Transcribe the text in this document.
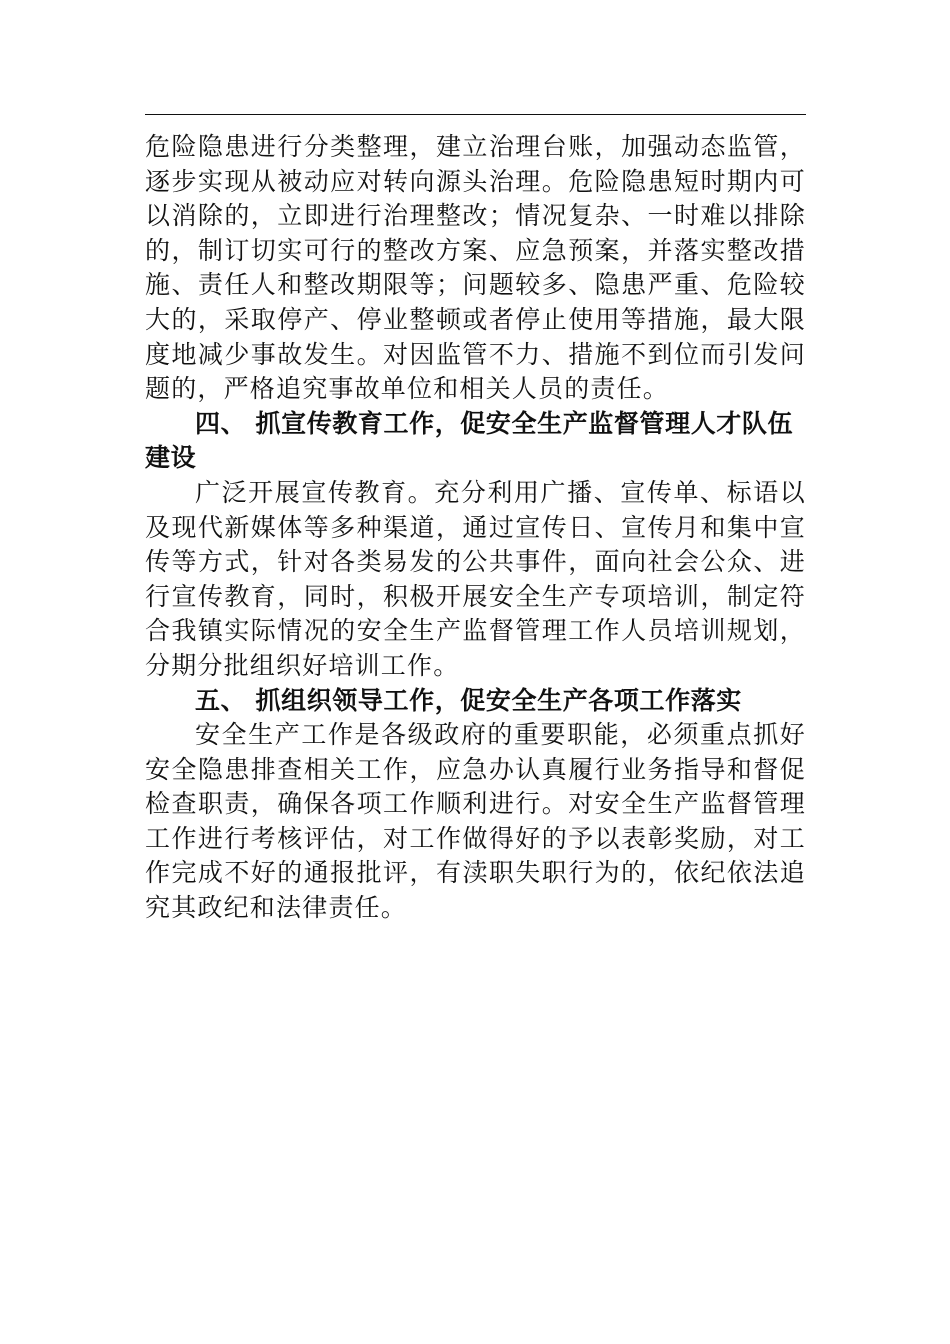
危险隐患进行分类整理，建立治理台账，加强动态监管，
逐步实现从被动应对转向源头治理。危险隐患短时期内可
以消除的，立即进行治理整改；情况复杂、一时难以排除
的，制订切实可行的整改方案、应急预案，并落实整改措
施、责任人和整改期限等；问题较多、隐患严重、危险较
大的，采取停产、停业整顿或者停止使用等措施，最大限
度地减少事故发生。对因监管不力、措施不到位而引发问
题的，严格追究事故单位和相关人员的责任。

四、 抓宣传教育工作，促安全生产监督管理人才队伍
建设

广泛开展宣传教育。充分利用广播、宣传单、标语以
及现代新媒体等多种渠道，通过宣传日、宣传月和集中宣
传等方式，针对各类易发的公共事件，面向社会公众、进
行宣传教育，同时，积极开展安全生产专项培训，制定符
合我镇实际情况的安全生产监督管理工作人员培训规划，
分期分批组织好培训工作。

五、 抓组织领导工作，促安全生产各项工作落实

安全生产工作是各级政府的重要职能，必须重点抓好
安全隐患排查相关工作，应急办认真履行业务指导和督促
检查职责，确保各项工作顺利进行。对安全生产监督管理
工作进行考核评估，对工作做得好的予以表彰奖励，对工
作完成不好的通报批评，有渎职失职行为的，依纪依法追
究其政纪和法律责任。
